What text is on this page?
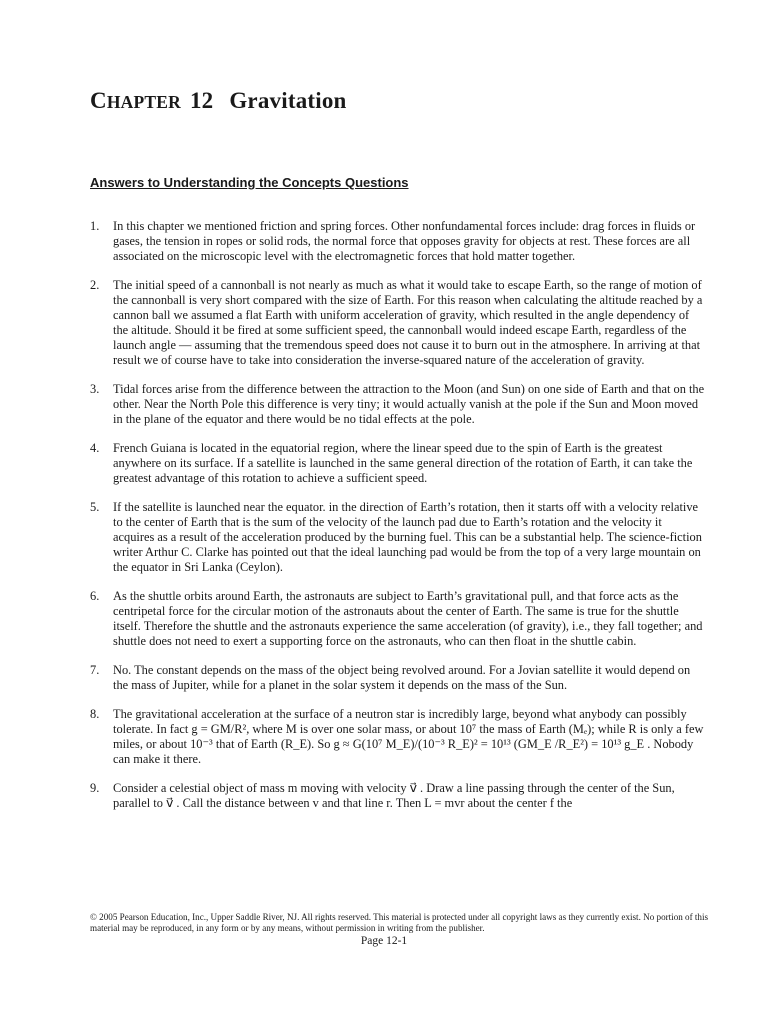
CHAPTER 12 Gravitation
Answers to Understanding the Concepts Questions
1. In this chapter we mentioned friction and spring forces. Other nonfundamental forces include: drag forces in fluids or gases, the tension in ropes or solid rods, the normal force that opposes gravity for objects at rest. These forces are all associated on the microscopic level with the electromagnetic forces that hold matter together.

2. The initial speed of a cannonball is not nearly as much as what it would take to escape Earth, so the range of motion of the cannonball is very short compared with the size of Earth. For this reason when calculating the altitude reached by a cannon ball we assumed a flat Earth with uniform acceleration of gravity, which resulted in the angle dependency of the altitude. Should it be fired at some sufficient speed, the cannonball would indeed escape Earth, regardless of the launch angle — assuming that the tremendous speed does not cause it to burn out in the atmosphere. In arriving at that result we of course have to take into consideration the inverse-squared nature of the acceleration of gravity.

3. Tidal forces arise from the difference between the attraction to the Moon (and Sun) on one side of Earth and that on the other. Near the North Pole this difference is very tiny; it would actually vanish at the pole if the Sun and Moon moved in the plane of the equator and there would be no tidal effects at the pole.

4. French Guiana is located in the equatorial region, where the linear speed due to the spin of Earth is the greatest anywhere on its surface. If a satellite is launched in the same general direction of the rotation of Earth, it can take the greatest advantage of this rotation to achieve a sufficient speed.

5. If the satellite is launched near the equator. in the direction of Earth’s rotation, then it starts off with a velocity relative to the center of Earth that is the sum of the velocity of the launch pad due to Earth’s rotation and the velocity it acquires as a result of the acceleration produced by the burning fuel. This can be a substantial help. The science-fiction writer Arthur C. Clarke has pointed out that the ideal launching pad would be from the top of a very large mountain on the equator in Sri Lanka (Ceylon).

6. As the shuttle orbits around Earth, the astronauts are subject to Earth’s gravitational pull, and that force acts as the centripetal force for the circular motion of the astronauts about the center of Earth. The same is true for the shuttle itself. Therefore the shuttle and the astronauts experience the same acceleration (of gravity), i.e., they fall together; and shuttle does not need to exert a supporting force on the astronauts, who can then float in the shuttle cabin.

7. No. The constant depends on the mass of the object being revolved around. For a Jovian satellite it would depend on the mass of Jupiter, while for a planet in the solar system it depends on the mass of the Sun.

8. The gravitational acceleration at the surface of a neutron star is incredibly large, beyond what anybody can possibly tolerate. In fact g = GM/R², where M is over one solar mass, or about 10⁷ the mass of Earth (Mₑ); while R is only a few miles, or about 10⁻³ that of Earth (R_E). So g ≈ G(10⁷ M_E)/(10⁻³ R_E)² = 10¹³ (GM_E /R_E²) = 10¹³ g_E . Nobody can make it there.

9. Consider a celestial object of mass m moving with velocity v⃗ . Draw a line passing through the center of the Sun, parallel to v⃗ . Call the distance between v and that line r. Then L = mvr about the center f the

© 2005 Pearson Education, Inc., Upper Saddle River, NJ. All rights reserved. This material is protected under all copyright laws as they currently exist. No portion of this material may be reproduced, in any form or by any means, without permission in writing from the publisher.

Page 12-1
